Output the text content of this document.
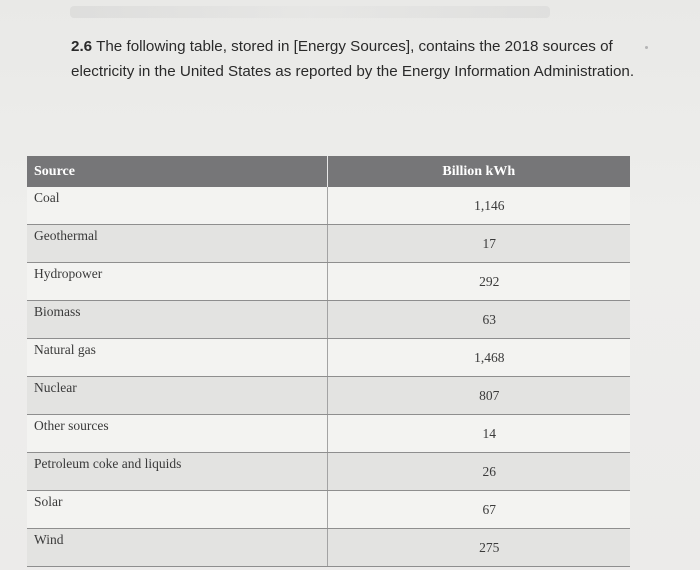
2.6 The following table, stored in [Energy Sources], contains the 2018 sources of electricity in the United States as reported by the Energy Information Administration.
Source	Billion kWh
Coal	1,146
Geothermal	17
Hydropower	292
Biomass	63
Natural gas	1,468
Nuclear	807
Other sources	14
Petroleum coke and liquids	26
Solar	67
Wind	275
